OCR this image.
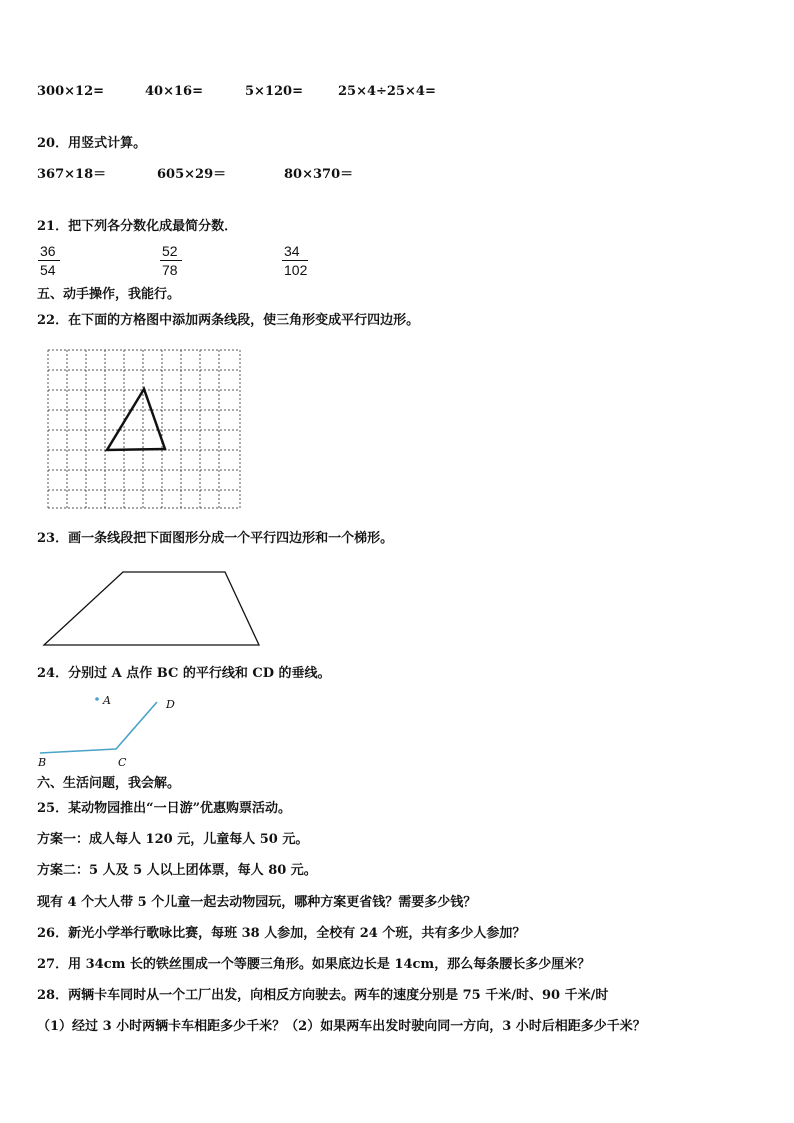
300×12=	40×16=	5×120=	25×4÷25×4=
20．用竖式计算。
367×18＝	605×29＝	80×370＝
21．把下列各分数化成最简分数．
36
54
52
78
34
102
五、动手操作，我能行。
22．在下面的方格图中添加两条线段，使三角形变成平行四边形。
23．画一条线段把下面图形分成一个平行四边形和一个梯形。
24．分别过 A 点作 BC 的平行线和 CD 的垂线。
A	D
B	C
六、生活问题，我会解。
25．某动物园推出“一日游”优惠购票活动。
方案一：成人每人 120 元，儿童每人 50 元。
方案二：5 人及 5 人以上团体票，每人 80 元。
现有 4 个大人带 5 个儿童一起去动物园玩，哪种方案更省钱？需要多少钱？
26．新光小学举行歌咏比赛，每班 38 人参加，全校有 24 个班，共有多少人参加？
27．用 34cm 长的铁丝围成一个等腰三角形。如果底边长是 14cm，那么每条腰长多少厘米？
28．两辆卡车同时从一个工厂出发，向相反方向驶去。两车的速度分别是 75 千米/时、90 千米/时
（1）经过 3 小时两辆卡车相距多少千米？（2）如果两车出发时驶向同一方向，3 小时后相距多少千米？
